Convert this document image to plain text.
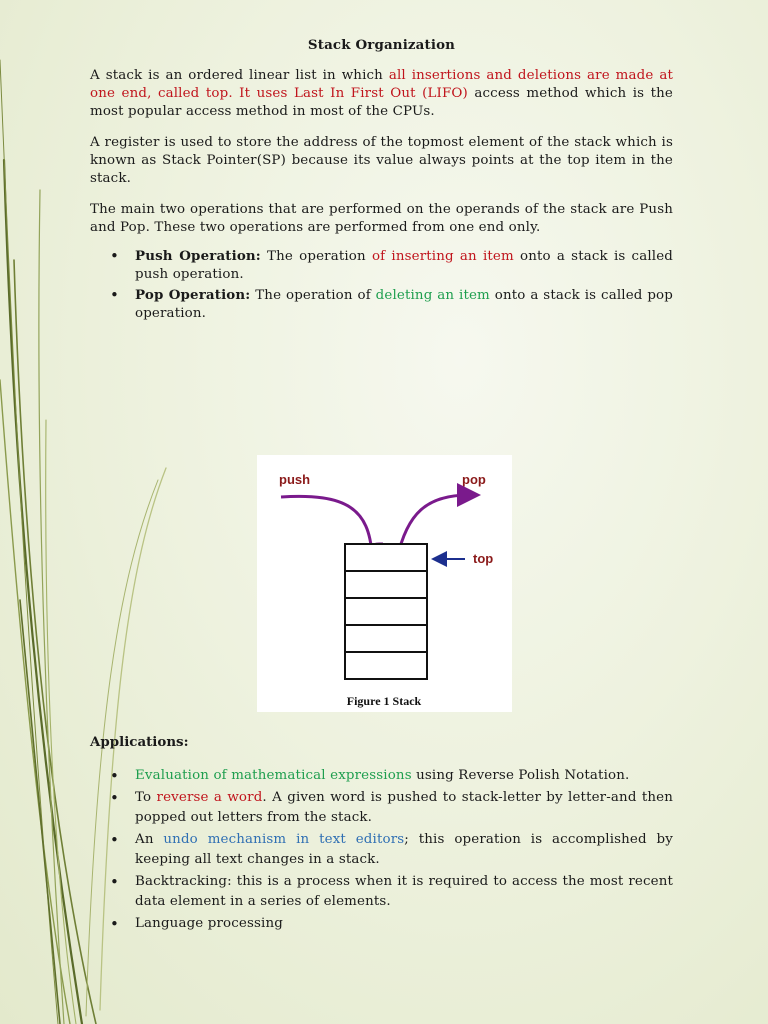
Stack Organization

A stack is an ordered linear list in which all insertions and deletions are made at one end, called top. It uses Last In First Out (LIFO) access method which is the most popular access method in most of the CPUs.

A register is used to store the address of the topmost element of the stack which is known as Stack Pointer(SP) because its value always points at the top item in the stack.

The main two operations that are performed on the operands of the stack are Push and Pop. These two operations are performed from one end only.

• Push Operation: The operation of inserting an item onto a stack is called push operation.
• Pop Operation: The operation of deleting an item onto a stack is called pop operation.
push	pop
top
Figure 1 Stack
Applications:
• Evaluation of mathematical expressions using Reverse Polish Notation.
• To reverse a word. A given word is pushed to stack-letter by letter-and then popped out letters from the stack.
• An undo mechanism in text editors; this operation is accomplished by keeping all text changes in a stack.
• Backtracking: this is a process when it is required to access the most recent data element in a series of elements.
• Language processing
